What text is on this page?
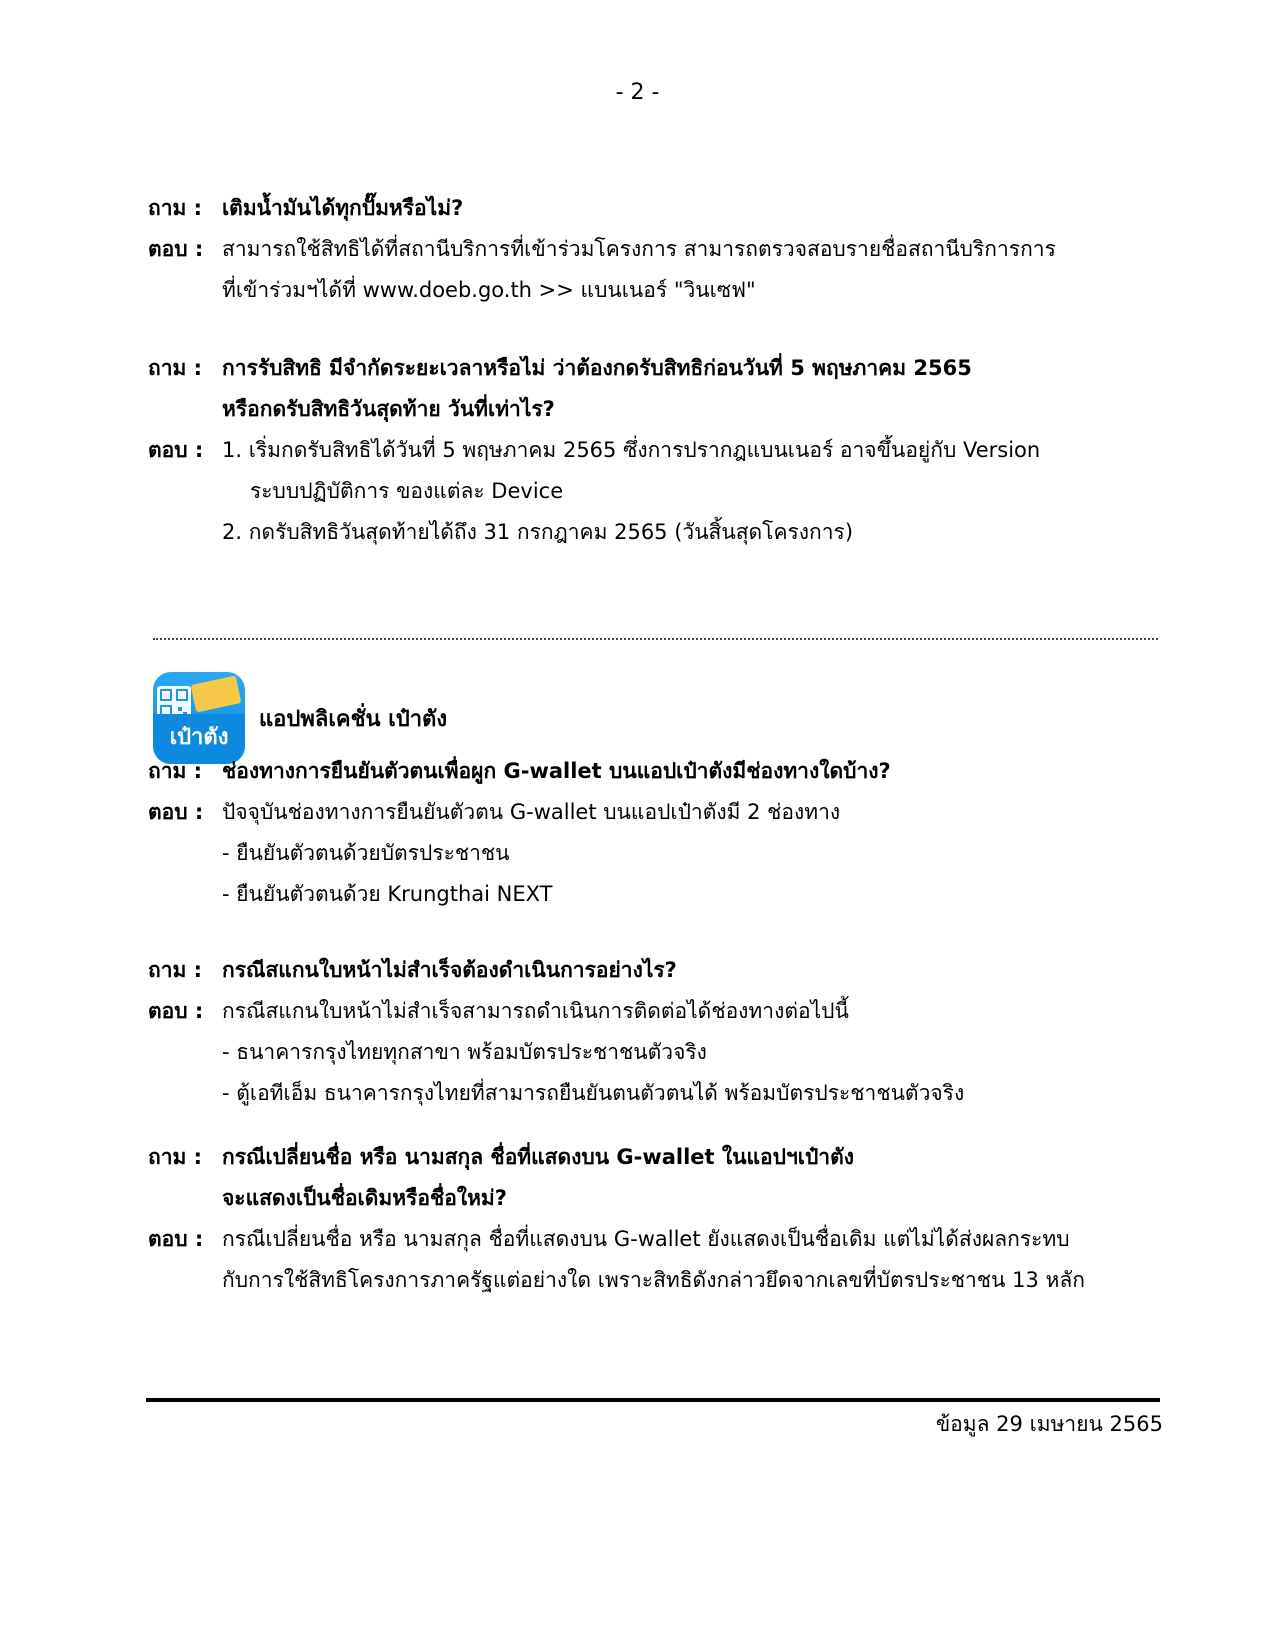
- 2 -
ถาม : เติมน้ำมันได้ทุกปั๊มหรือไม่?
ตอบ : สามารถใช้สิทธิได้ที่สถานีบริการที่เข้าร่วมโครงการ สามารถตรวจสอบรายชื่อสถานีบริการการ
ที่เข้าร่วมฯได้ที่ www.doeb.go.th >> แบนเนอร์ "วินเซฟ"
ถาม : การรับสิทธิ มีจำกัดระยะเวลาหรือไม่ ว่าต้องกดรับสิทธิก่อนวันที่ 5 พฤษภาคม 2565
หรือกดรับสิทธิวันสุดท้าย วันที่เท่าไร?
ตอบ : 1. เริ่มกดรับสิทธิได้วันที่ 5 พฤษภาคม 2565 ซึ่งการปรากฎแบนเนอร์ อาจขึ้นอยู่กับ Version
ระบบปฏิบัติการ ของแต่ละ Device
2. กดรับสิทธิวันสุดท้ายได้ถึง 31 กรกฎาคม 2565 (วันสิ้นสุดโครงการ)
เป๋าตัง
แอปพลิเคชั่น เป๋าตัง
ถาม : ช่องทางการยืนยันตัวตนเพื่อผูก G-wallet บนแอปเป๋าตังมีช่องทางใดบ้าง?
ตอบ : ปัจจุบันช่องทางการยืนยันตัวตน G-wallet บนแอปเป๋าตังมี 2 ช่องทาง
- ยืนยันตัวตนด้วยบัตรประชาชน
- ยืนยันตัวตนด้วย Krungthai NEXT
ถาม : กรณีสแกนใบหน้าไม่สำเร็จต้องดำเนินการอย่างไร?
ตอบ : กรณีสแกนใบหน้าไม่สำเร็จสามารถดำเนินการติดต่อได้ช่องทางต่อไปนี้
- ธนาคารกรุงไทยทุกสาขา พร้อมบัตรประชาชนตัวจริง
- ตู้เอทีเอ็ม ธนาคารกรุงไทยที่สามารถยืนยันตนตัวตนได้ พร้อมบัตรประชาชนตัวจริง
ถาม : กรณีเปลี่ยนชื่อ หรือ นามสกุล ชื่อที่แสดงบน G-wallet ในแอปฯเป๋าตัง
จะแสดงเป็นชื่อเดิมหรือชื่อใหม่?
ตอบ : กรณีเปลี่ยนชื่อ หรือ นามสกุล ชื่อที่แสดงบน G-wallet ยังแสดงเป็นชื่อเดิม แต่ไม่ได้ส่งผลกระทบ
กับการใช้สิทธิโครงการภาครัฐแต่อย่างใด เพราะสิทธิดังกล่าวยึดจากเลขที่บัตรประชาชน 13 หลัก
ข้อมูล 29 เมษายน 2565
